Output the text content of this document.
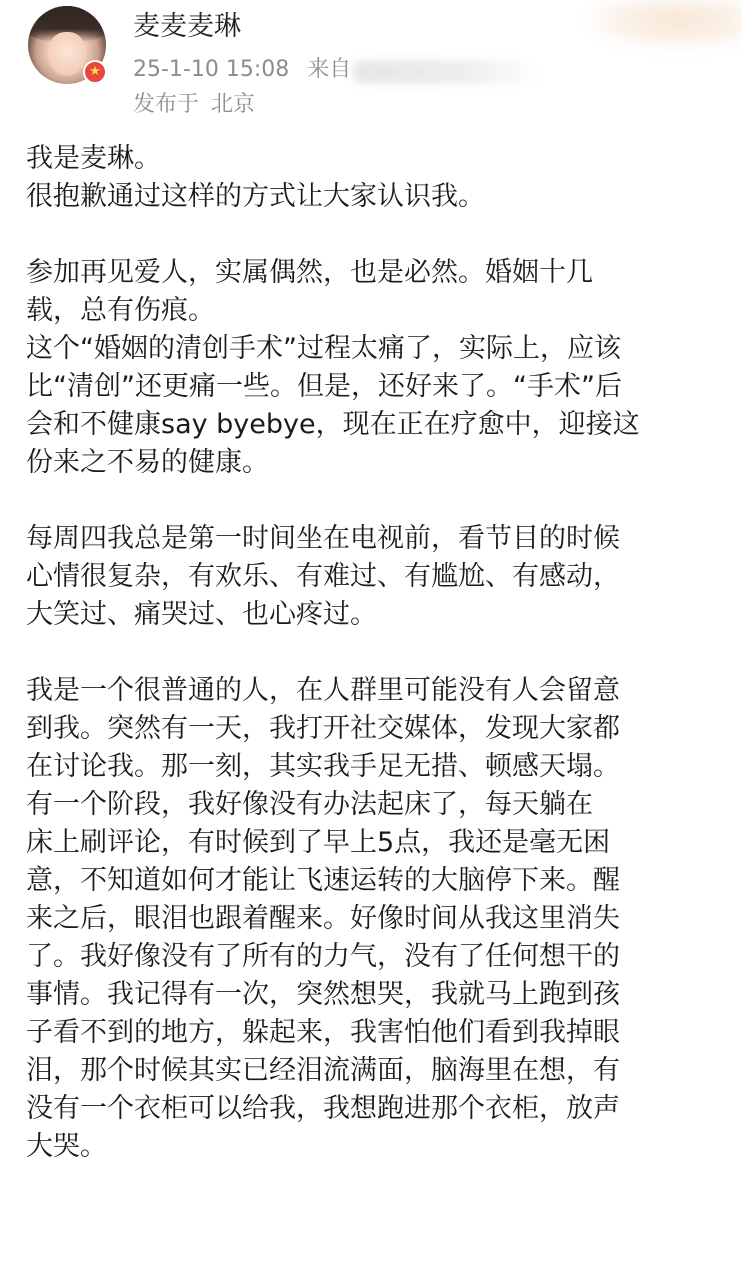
★
麦麦麦琳
25-1-10 15:08 来自
发布于 北京

我是麦琳。
很抱歉通过这样的方式让大家认识我。

参加再见爱人，实属偶然，也是必然。婚姻十几
载，总有伤痕。
这个“婚姻的清创手术”过程太痛了，实际上，应该
比“清创”还更痛一些。但是，还好来了。“手术”后
会和不健康say byebye，现在正在疗愈中，迎接这
份来之不易的健康。

每周四我总是第一时间坐在电视前，看节目的时候
心情很复杂，有欢乐、有难过、有尴尬、有感动，
大笑过、痛哭过、也心疼过。

我是一个很普通的人，在人群里可能没有人会留意
到我。突然有一天，我打开社交媒体，发现大家都
在讨论我。那一刻，其实我手足无措、顿感天塌。
有一个阶段，我好像没有办法起床了，每天躺在
床上刷评论，有时候到了早上5点，我还是毫无困
意，不知道如何才能让飞速运转的大脑停下来。醒
来之后，眼泪也跟着醒来。好像时间从我这里消失
了。我好像没有了所有的力气，没有了任何想干的
事情。我记得有一次，突然想哭，我就马上跑到孩
子看不到的地方，躲起来，我害怕他们看到我掉眼
泪，那个时候其实已经泪流满面，脑海里在想，有
没有一个衣柜可以给我，我想跑进那个衣柜，放声
大哭。
